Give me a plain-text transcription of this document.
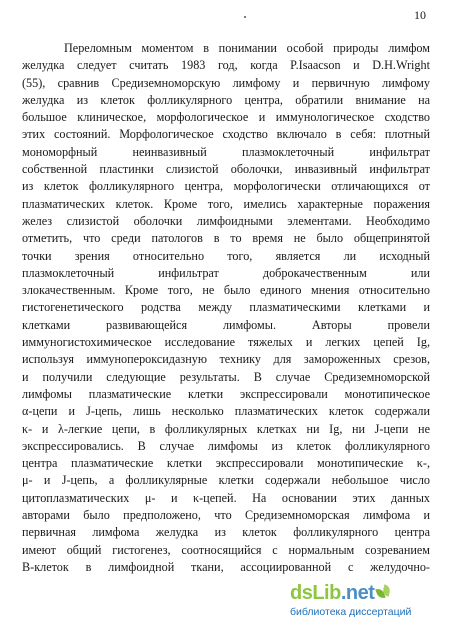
10
Переломным моментом в понимании особой природы лимфом
желудка следует считать 1983 год, когда P.Isaacson и D.H.Wright
(55), сравнив Средиземноморскую лимфому и первичную лимфому
желудка из клеток фолликулярного центра, обратили внимание на
большое клиническое, морфологическое и иммунологическое сходство
этих состояний. Морфологическое сходство включало в себя: плотный
мономорфный неинвазивный плазмоклеточный инфильтрат
собственной пластинки слизистой оболочки, инвазивный инфильтрат
из клеток фолликулярного центра, морфологически отличающихся от
плазматических клеток. Кроме того, имелись характерные поражения
желез слизистой оболочки лимфоидными элементами. Необходимо
отметить, что среди патологов в то время не было общепринятой
точки зрения относительно того, является ли исходный
плазмоклеточный инфильтрат доброкачественным или
злокачественным. Кроме того, не было единого мнения относительно
гистогенетического родства между плазматическими клетками и
клетками развивающейся лимфомы. Авторы провели
иммуногистохимическое исследование тяжелых и легких цепей Ig,
используя иммунопероксидазную технику для замороженных срезов,
и получили следующие результаты. В случае Средиземноморской
лимфомы плазматические клетки экспрессировали монотипическое
α-цепи и J-цепь, лишь несколько плазматических клеток содержали
κ- и λ-легкие цепи, в фолликулярных клетках ни Ig, ни J-цепи не
экспрессировались. В случае лимфомы из клеток фолликулярного
центра плазматические клетки экспрессировали монотипические κ-,
μ- и J-цепь, а фолликулярные клетки содержали небольшое число
цитоплазматических μ- и κ-цепей. На основании этих данных
авторами было предположено, что Средиземноморская лимфома и
первичная лимфома желудка из клеток фолликулярного центра
имеют общий гистогенез, соотносящийся с нормальным созреванием
В-клеток в лимфоидной ткани, ассоциированной с желудочно-
dsLib.net
библиотека диссертаций
